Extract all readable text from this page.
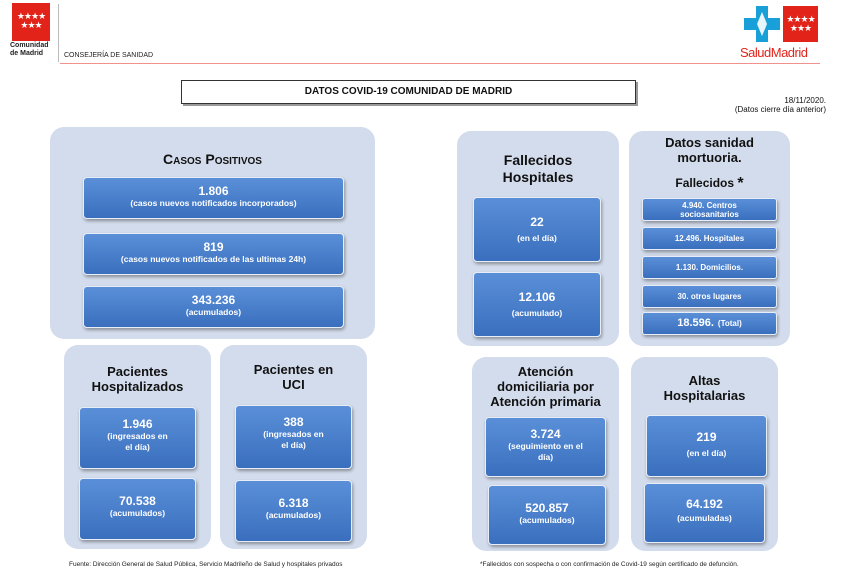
★★★★
★★★
Comunidad
de Madrid	CONSEJERÍA DE SANIDAD
★★★★
★★★
SaludMadrid
DATOS COVID-19 COMUNIDAD DE MADRID
18/11/2020.
(Datos cierre día anterior)
Casos Positivos
1.806
(casos nuevos notificados incorporados)
819
(casos nuevos notificados de las ultimas 24h)
343.236
(acumulados)
Pacientes
Hospitalizados
1.946
(ingresados en
el día)
70.538
(acumulados)
Pacientes en
UCI
388
(ingresados en
el día)
6.318
(acumulados)
Fallecidos
Hospitales
22
(en el día)
12.106
(acumulado)
Datos sanidad
mortuoria.
Fallecidos *
4.940. Centros
sociosanitarios
12.496. Hospitales
1.130. Domicilios.
30. otros lugares
18.596. (Total)
Atención
domiciliaria por
Atención primaria
3.724
(seguimiento en el
día)
520.857
(acumulados)
Altas
Hospitalarias
219
(en el día)
64.192
(acumuladas)
Fuente: Dirección General de Salud Pública, Servicio Madrileño de Salud y hospitales privados	*Fallecidos con sospecha o con confirmación de Covid-19 según certificado de defunción.
